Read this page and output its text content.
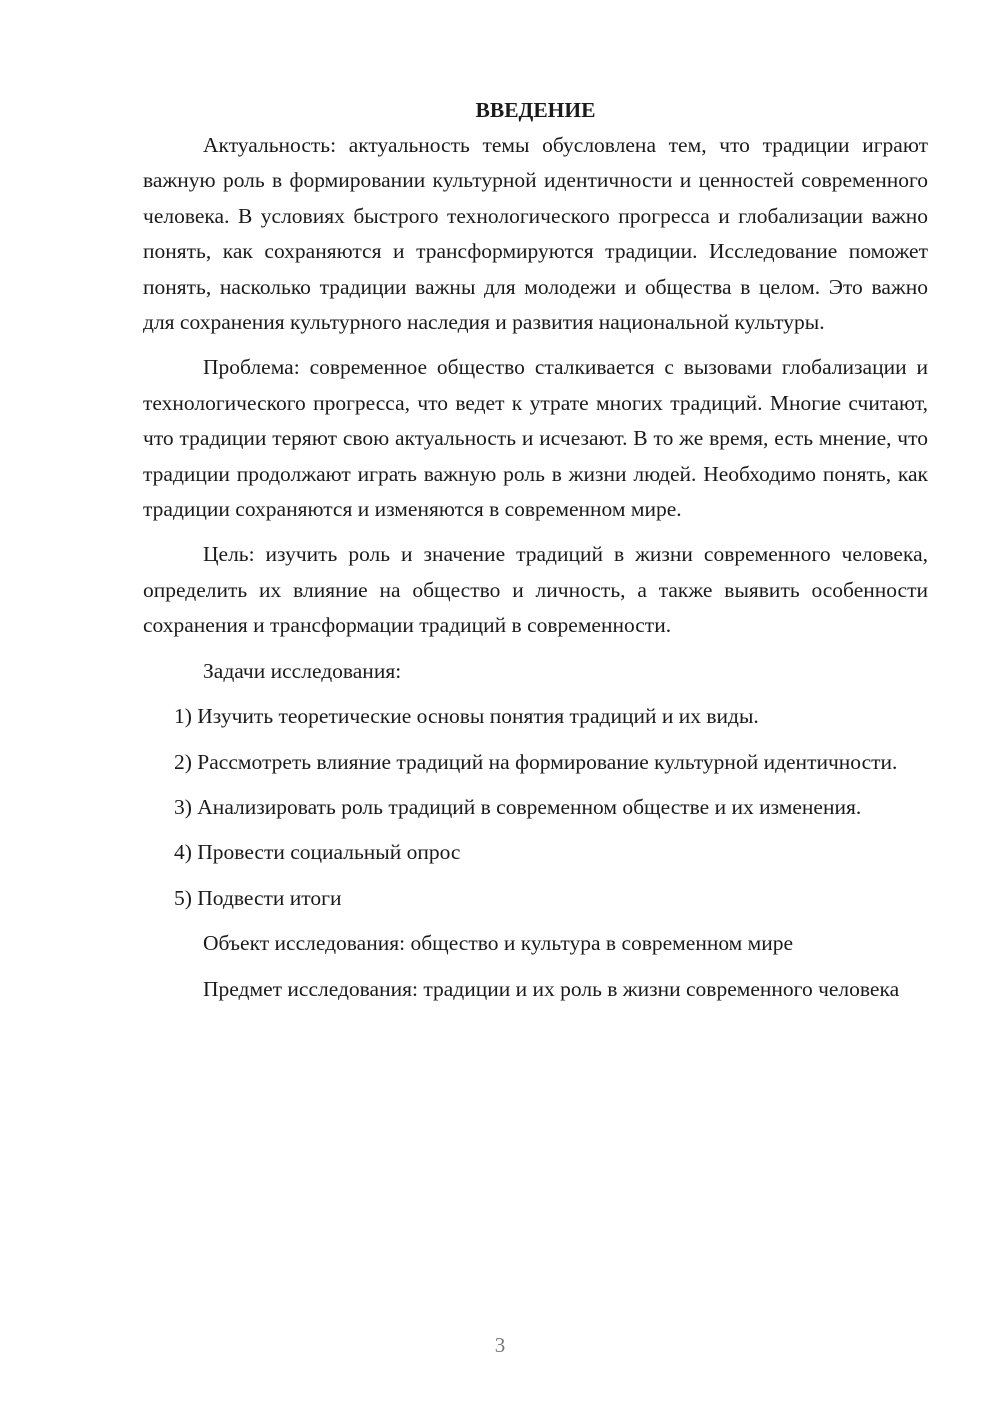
ВВЕДЕНИЕ

Актуальность: актуальность темы обусловлена тем, что традиции играют важную роль в формировании культурной идентичности и ценностей современного человека. В условиях быстрого технологического прогресса и глобализации важно понять, как сохраняются и трансформируются традиции. Исследование поможет понять, насколько традиции важны для молодежи и общества в целом. Это важно для сохранения культурного наследия и развития национальной культуры.

Проблема: современное общество сталкивается с вызовами глобализации и технологического прогресса, что ведет к утрате многих традиций. Многие считают, что традиции теряют свою актуальность и исчезают. В то же время, есть мнение, что традиции продолжают играть важную роль в жизни людей. Необходимо понять, как традиции сохраняются и изменяются в современном мире.

Цель: изучить роль и значение традиций в жизни современного человека, определить их влияние на общество и личность, а также выявить особенности сохранения и трансформации традиций в современности.

Задачи исследования:

1) Изучить теоретические основы понятия традиций и их виды.

2) Рассмотреть влияние традиций на формирование культурной идентичности.

3) Анализировать роль традиций в современном обществе и их изменения.

4) Провести социальный опрос

5) Подвести итоги

Объект исследования: общество и культура в современном мире

Предмет исследования: традиции и их роль в жизни современного человека

3
